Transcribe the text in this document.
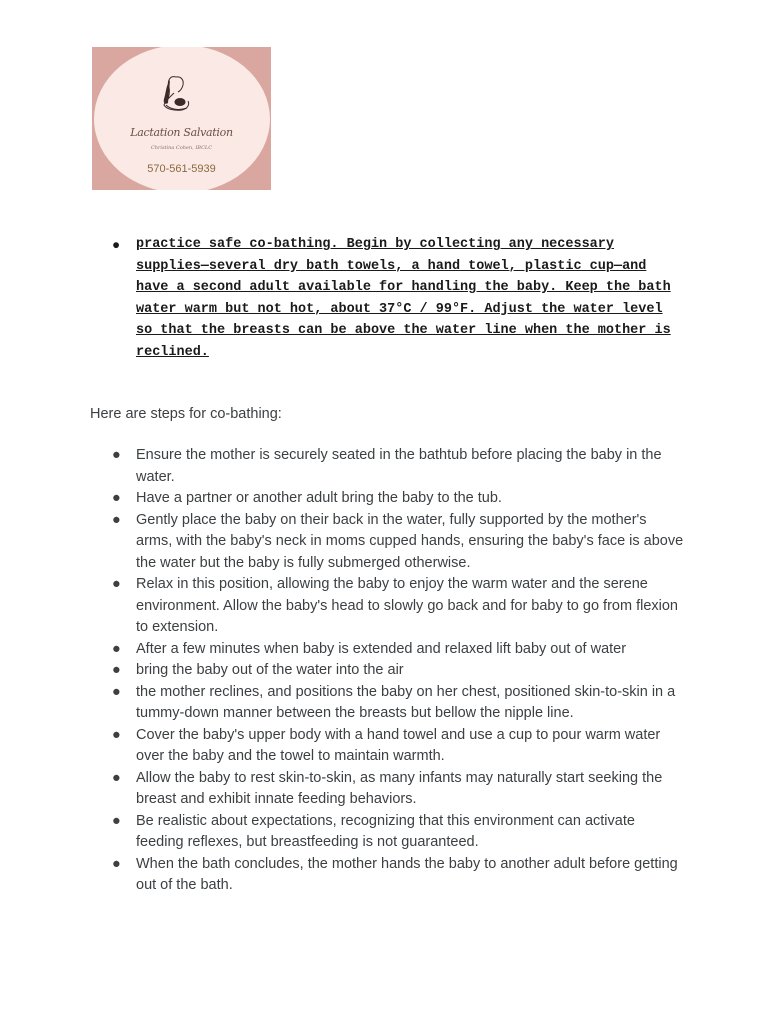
Lactation Salvation
Christina Cohen, IBCLC
570-561-5939
● practice safe co-bathing. Begin by collecting any necessary supplies—several dry bath towels, a hand towel, plastic cup—and have a second adult available for handling the baby. Keep the bath water warm but not hot, about 37°C / 99°F. Adjust the water level so that the breasts can be above the water line when the mother is reclined.

Here are steps for co-bathing:

● Ensure the mother is securely seated in the bathtub before placing the baby in the water.
● Have a partner or another adult bring the baby to the tub.
● Gently place the baby on their back in the water, fully supported by the mother's arms, with the baby's neck in moms cupped hands, ensuring the baby's face is above the water but the baby is fully submerged otherwise.
● Relax in this position, allowing the baby to enjoy the warm water and the serene environment. Allow the baby's head to slowly go back and for baby to go from flexion to extension.
● After a few minutes when baby is extended and relaxed lift baby out of water
● bring the baby out of the water into the air
● the mother reclines, and positions the baby on her chest, positioned skin-to-skin in a tummy-down manner between the breasts but bellow the nipple line.
● Cover the baby's upper body with a hand towel and use a cup to pour warm water over the baby and the towel to maintain warmth.
● Allow the baby to rest skin-to-skin, as many infants may naturally start seeking the breast and exhibit innate feeding behaviors.
● Be realistic about expectations, recognizing that this environment can activate feeding reflexes, but breastfeeding is not guaranteed.
● When the bath concludes, the mother hands the baby to another adult before getting out of the bath.
